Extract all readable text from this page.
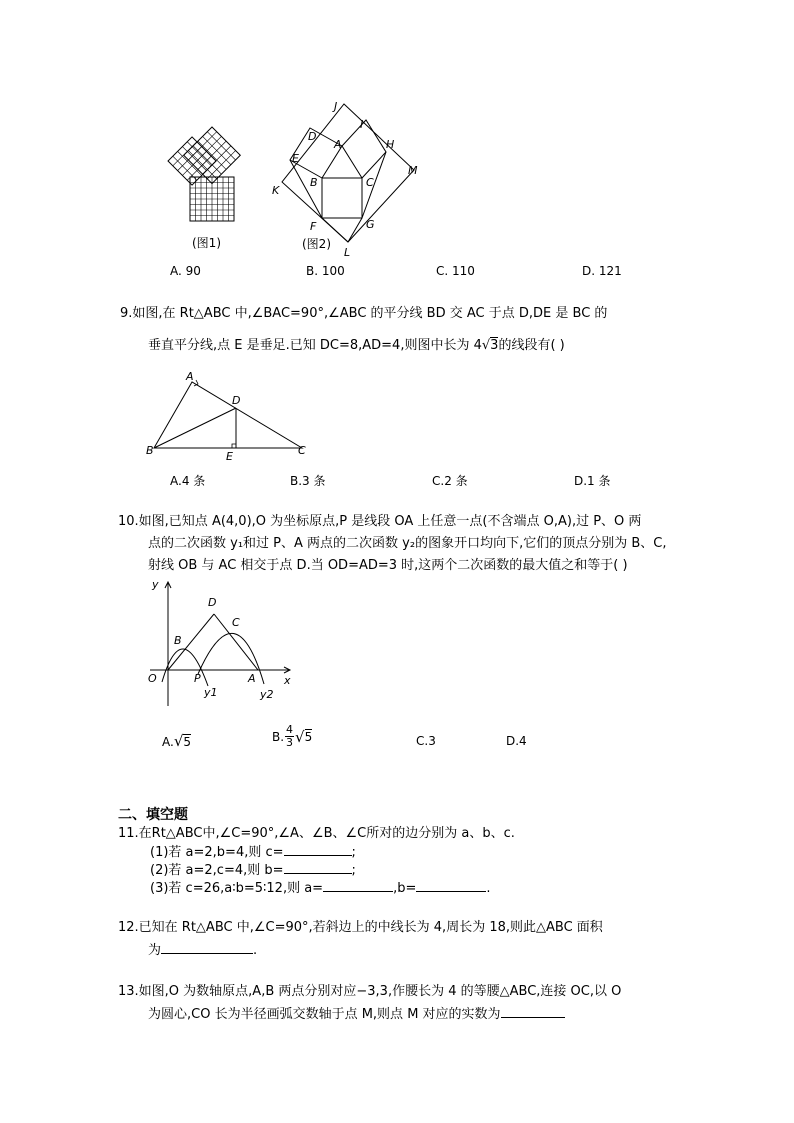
(图1)
J
I
D
A	H
E
M
B	C
K
F	G
L
(图2)
A. 90	B. 100	C. 110	D. 121
9.如图,在 Rt△ABC 中,∠BAC=90°,∠ABC 的平分线 BD 交 AC 于点 D,DE 是 BC 的
垂直平分线,点 E 是垂足.已知 DC=8,AD=4,则图中长为 4√3的线段有( )
A
D
B	E	C
A.4 条	B.3 条	C.2 条	D.1 条
10.如图,已知点 A(4,0),O 为坐标原点,P 是线段 OA 上任意一点(不含端点 O,A),过 P、O 两
点的二次函数 y₁和过 P、A 两点的二次函数 y₂的图象开口均向下,它们的顶点分别为 B、C,
射线 OB 与 AC 相交于点 D.当 OD=AD=3 时,这两个二次函数的最大值之和等于( )
y
D
C
B
O	P	A	x
y1	y2
A.√5	B. $\frac{4}{3}$ √ 5	C.3	D.4
二、填空题
11.在Rt△ABC中,∠C=90°,∠A、∠B、∠C所对的边分别为 a、b、c.
(1)若 a=2,b=4,则 c=	;
(2)若 a=2,c=4,则 b=	;
(3)若 c=26,a∶b=5∶12,则 a=	,b=	.
12.已知在 Rt△ABC 中,∠C=90°,若斜边上的中线长为 4,周长为 18,则此△ABC 面积
为	.
13.如图,O 为数轴原点,A,B 两点分别对应−3,3,作腰长为 4 的等腰△ABC,连接 OC,以 O
为圆心,CO 长为半径画弧交数轴于点 M,则点 M 对应的实数为
